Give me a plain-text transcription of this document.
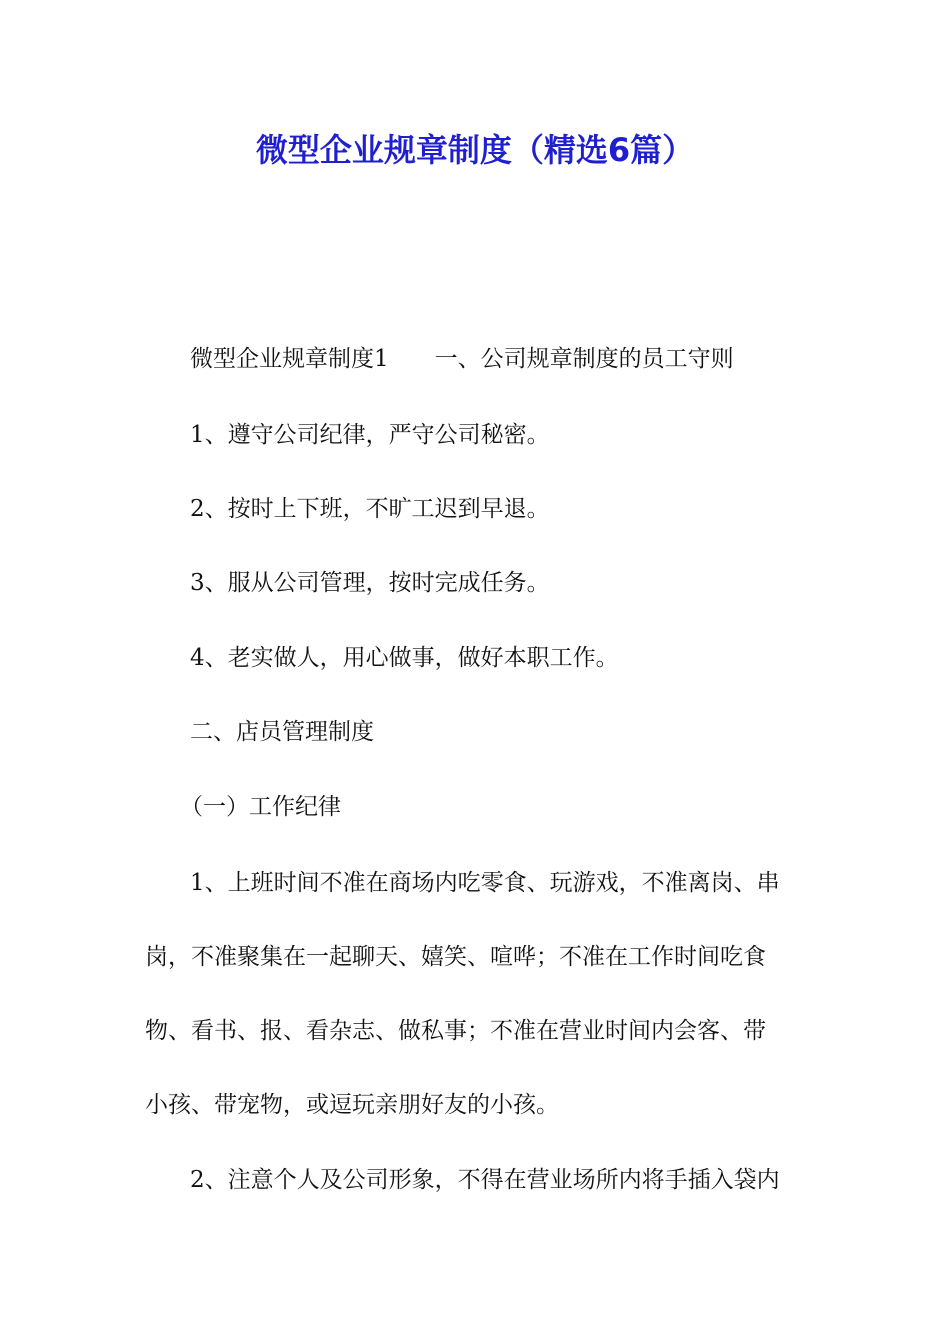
微型企业规章制度（精选6篇）
微型企业规章制度1 一、公司规章制度的员工守则
1、遵守公司纪律，严守公司秘密。
2、按时上下班，不旷工迟到早退。
3、服从公司管理，按时完成任务。
4、老实做人，用心做事，做好本职工作。
二、店员管理制度
（一）工作纪律
1、上班时间不准在商场内吃零食、玩游戏，不准离岗、串
岗，不准聚集在一起聊天、嬉笑、喧哗；不准在工作时间吃食
物、看书、报、看杂志、做私事；不准在营业时间内会客、带
小孩、带宠物，或逗玩亲朋好友的小孩。
2、注意个人及公司形象，不得在营业场所内将手插入袋内
